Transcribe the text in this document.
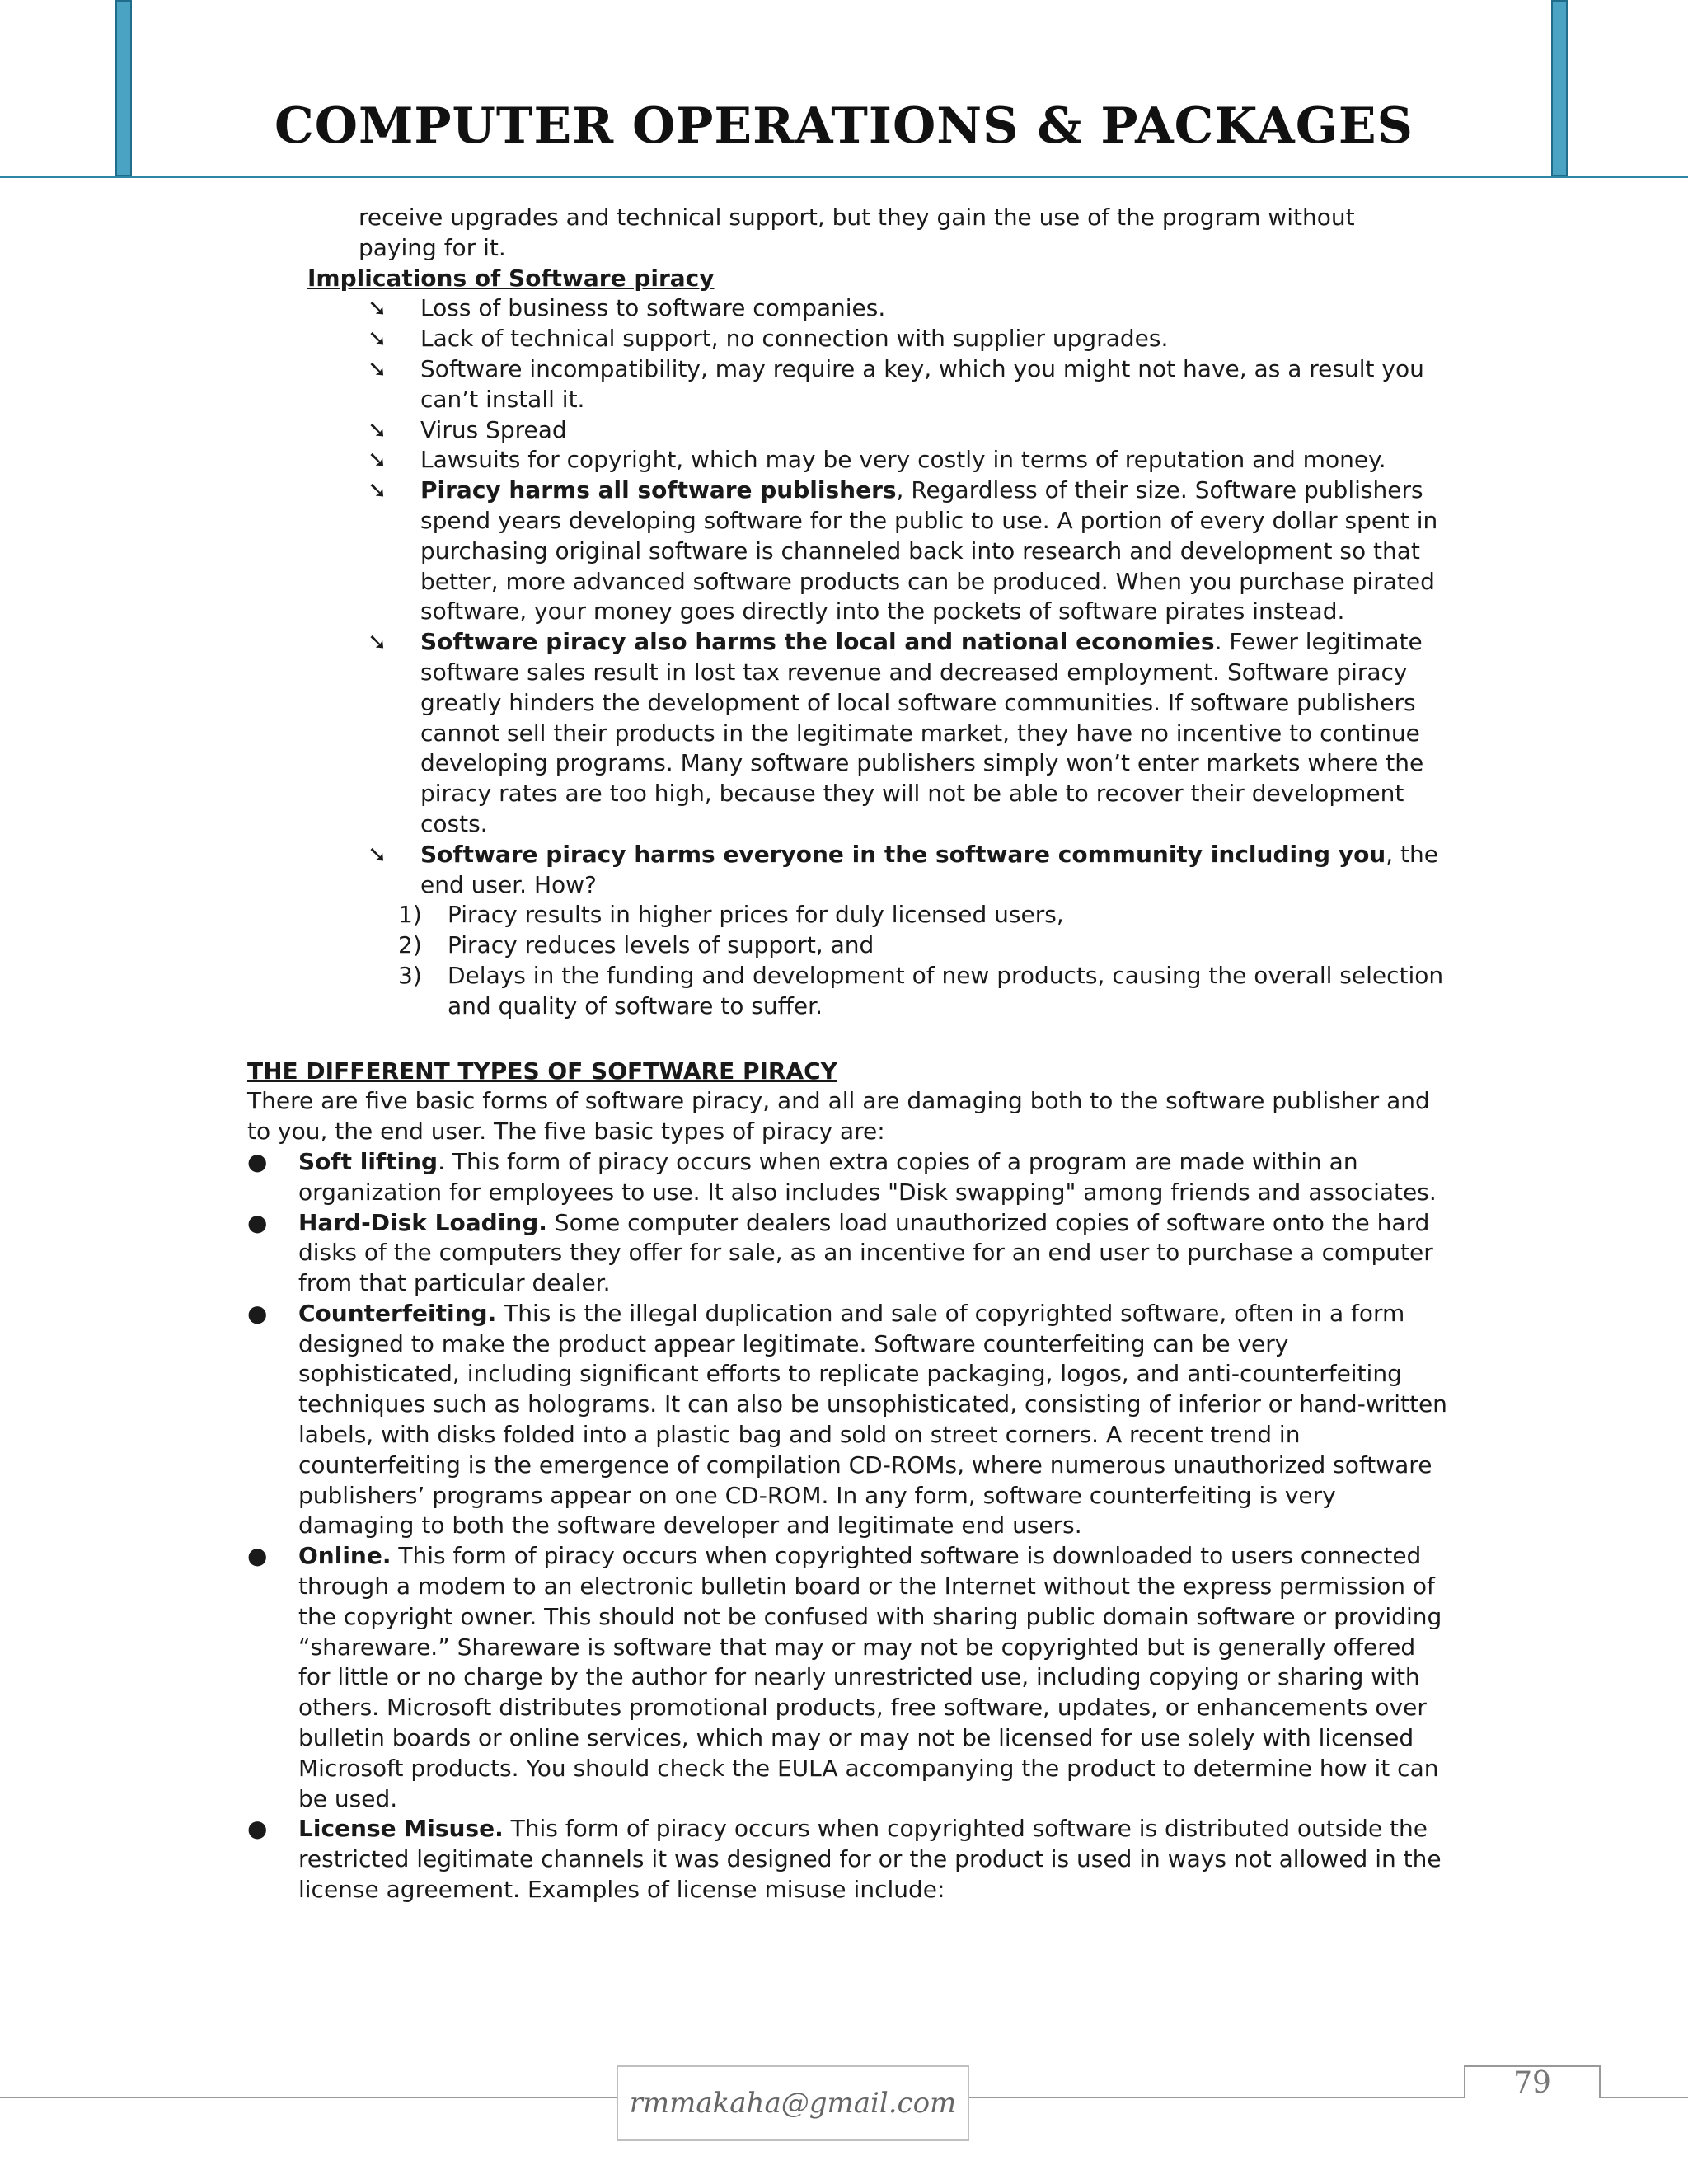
COMPUTER OPERATIONS & PACKAGES

receive upgrades and technical support, but they gain the use of the program without

paying for it.

Implications of Software piracy

➘ Loss of business to software companies.
➘ Lack of technical support, no connection with supplier upgrades.
➘ Software incompatibility, may require a key, which you might not have, as a result you can’t install it.
➘ Virus Spread
➘ Lawsuits for copyright, which may be very costly in terms of reputation and money.
➘ Piracy harms all software publishers, Regardless of their size. Software publishers spend years developing software for the public to use. A portion of every dollar spent in purchasing original software is channeled back into research and development so that better, more advanced software products can be produced. When you purchase pirated software, your money goes directly into the pockets of software pirates instead.
➘ Software piracy also harms the local and national economies. Fewer legitimate software sales result in lost tax revenue and decreased employment. Software piracy greatly hinders the development of local software communities. If software publishers cannot sell their products in the legitimate market, they have no incentive to continue developing programs. Many software publishers simply won’t enter markets where the piracy rates are too high, because they will not be able to recover their development costs.
➘ Software piracy harms everyone in the software community including you, the end user. How?
1) Piracy results in higher prices for duly licensed users,
2) Piracy reduces levels of support, and
3) Delays in the funding and development of new products, causing the overall selection and quality of software to suffer.

THE DIFFERENT TYPES OF SOFTWARE PIRACY

There are five basic forms of software piracy, and all are damaging both to the software publisher and to you, the end user. The five basic types of piracy are:

● Soft lifting. This form of piracy occurs when extra copies of a program are made within an organization for employees to use. It also includes "Disk swapping" among friends and associates.
● Hard-Disk Loading. Some computer dealers load unauthorized copies of software onto the hard disks of the computers they offer for sale, as an incentive for an end user to purchase a computer from that particular dealer.
● Counterfeiting. This is the illegal duplication and sale of copyrighted software, often in a form designed to make the product appear legitimate. Software counterfeiting can be very sophisticated, including significant efforts to replicate packaging, logos, and anti-counterfeiting techniques such as holograms. It can also be unsophisticated, consisting of inferior or hand-written labels, with disks folded into a plastic bag and sold on street corners. A recent trend in counterfeiting is the emergence of compilation CD-ROMs, where numerous unauthorized software publishers’ programs appear on one CD-ROM. In any form, software counterfeiting is very damaging to both the software developer and legitimate end users.
● Online. This form of piracy occurs when copyrighted software is downloaded to users connected through a modem to an electronic bulletin board or the Internet without the express permission of the copyright owner. This should not be confused with sharing public domain software or providing “shareware.” Shareware is software that may or may not be copyrighted but is generally offered for little or no charge by the author for nearly unrestricted use, including copying or sharing with others. Microsoft distributes promotional products, free software, updates, or enhancements over bulletin boards or online services, which may or may not be licensed for use solely with licensed Microsoft products. You should check the EULA accompanying the product to determine how it can be used.
● License Misuse. This form of piracy occurs when copyrighted software is distributed outside the restricted legitimate channels it was designed for or the product is used in ways not allowed in the license agreement. Examples of license misuse include:
rmmakaha@gmail.com
79
